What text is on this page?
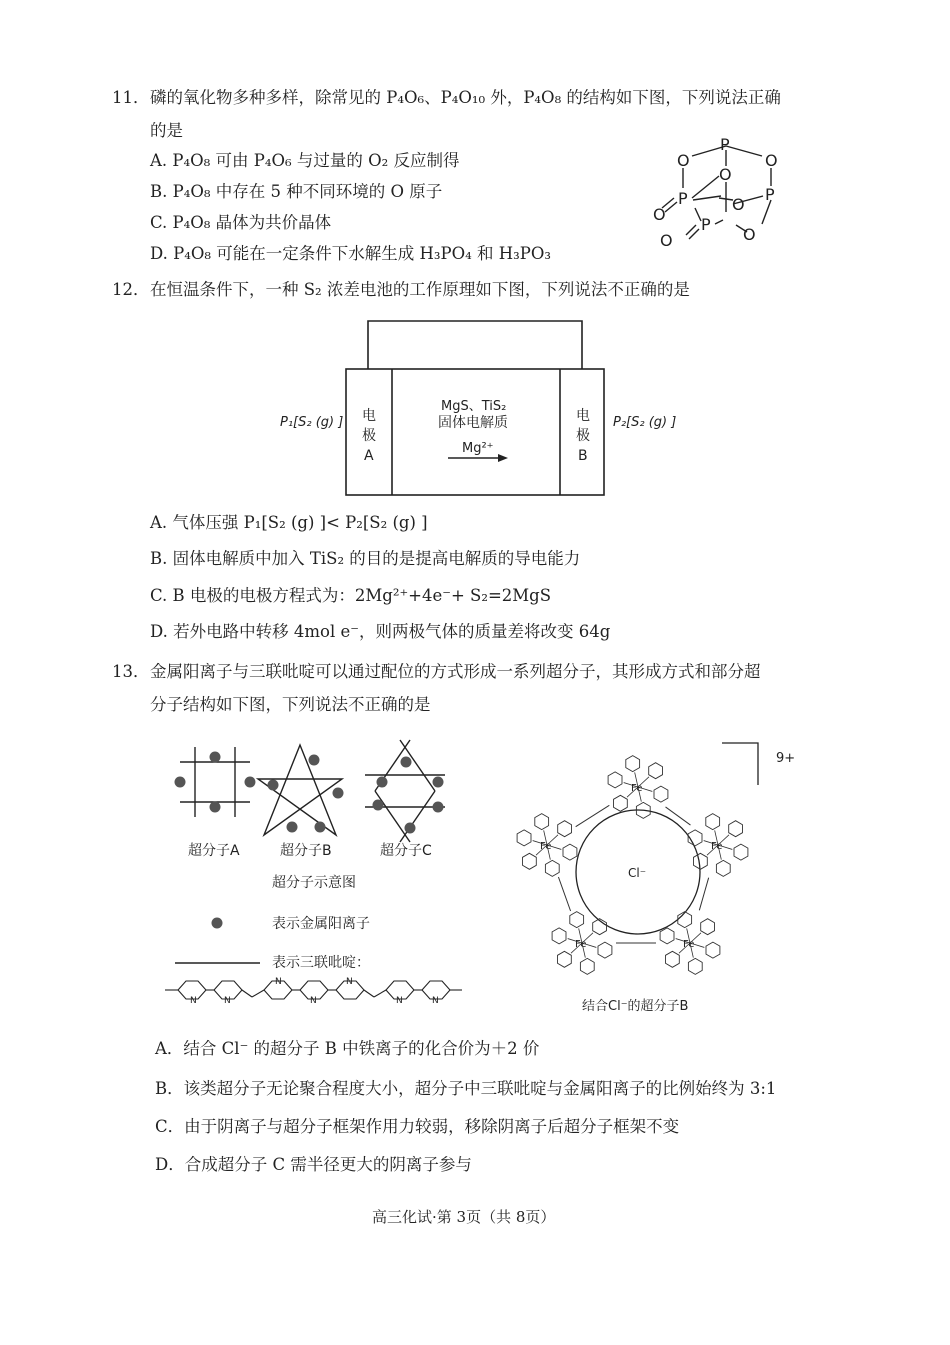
11． 磷的氧化物多种多样，除常见的 P₄O₆、P₄O₁₀ 外，P₄O₈ 的结构如下图，下列说法正确
的是
A. P₄O₈ 可由 P₄O₆ 与过量的 O₂ 反应制得
B. P₄O₈ 中存在 5 种不同环境的 O 原子
C. P₄O₈ 晶体为共价晶体
D. P₄O₈ 可能在一定条件下水解生成 H₃PO₄ 和 H₃PO₃
P
O	O
O
P	P
O
O
P
O
O
12． 在恒温条件下，一种 S₂ 浓差电池的工作原理如下图，下列说法不正确的是
P₁[S₂ (g) ]	P₂[S₂ (g) ]
电
极
A
电
极
B
MgS、TiS₂
固体电解质
Mg²⁺
A. 气体压强 P₁[S₂ (g) ]< P₂[S₂ (g) ]
B. 固体电解质中加入 TiS₂ 的目的是提高电解质的导电能力
C. B 电极的电极方程式为：2Mg²⁺+4e⁻+ S₂=2MgS
D. 若外电路中转移 4mol e⁻，则两极气体的质量差将改变 64g
13． 金属阳离子与三联吡啶可以通过配位的方式形成一系列超分子，其形成方式和部分超
分子结构如下图，下列说法不正确的是
超分子A	超分子B	超分子C
超分子示意图
表示金属阳离子
表示三联吡啶：
N	N
N
N
N
N	N
9+
Cl⁻
Fe
Fe	Fe
Fe	Fe
结合Cl⁻的超分子B
A．结合 Cl⁻ 的超分子 B 中铁离子的化合价为＋2 价
B．该类超分子无论聚合程度大小，超分子中三联吡啶与金属阳离子的比例始终为 3:1
C．由于阴离子与超分子框架作用力较弱，移除阴离子后超分子框架不变
D．合成超分子 C 需半径更大的阴离子参与
高三化试·第 3页（共 8页）
